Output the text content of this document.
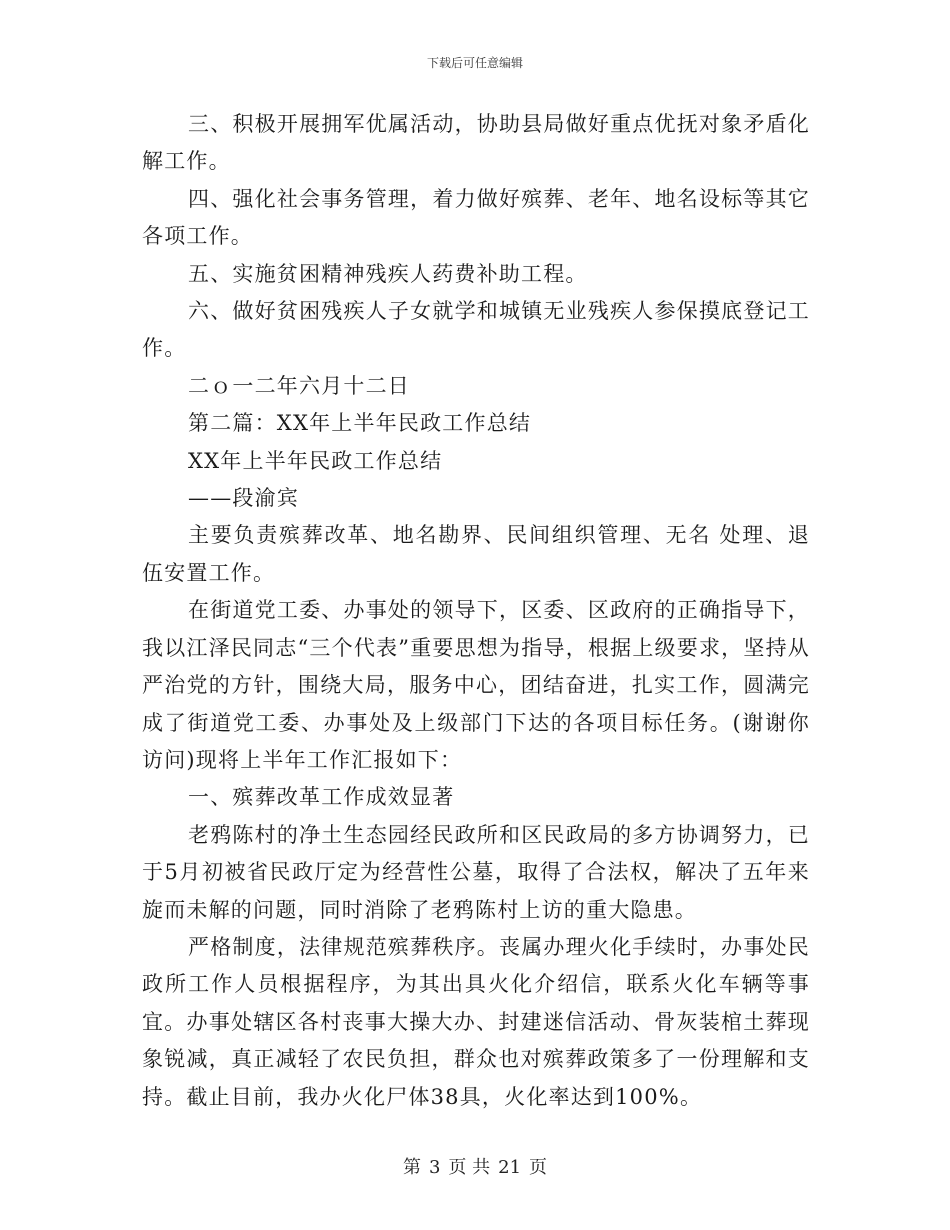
下载后可任意编辑

三、积极开展拥军优属活动，协助县局做好重点优抚对象矛盾化解工作。

四、强化社会事务管理，着力做好殡葬、老年、地名设标等其它各项工作。

五、实施贫困精神残疾人药费补助工程。

六、做好贫困残疾人子女就学和城镇无业残疾人参保摸底登记工作。

二ｏ一二年六月十二日

第二篇：XX年上半年民政工作总结

XX年上半年民政工作总结

——段渝宾

主要负责殡葬改革、地名勘界、民间组织管理、无名 处理、退伍安置工作。

在街道党工委、办事处的领导下，区委、区政府的正确指导下，我以江泽民同志“三个代表”重要思想为指导，根据上级要求，坚持从严治党的方针，围绕大局，服务中心，团结奋进，扎实工作，圆满完成了街道党工委、办事处及上级部门下达的各项目标任务。(谢谢你访问)现将上半年工作汇报如下：

一、殡葬改革工作成效显著

老鸦陈村的净土生态园经民政所和区民政局的多方协调努力，已于5月初被省民政厅定为经营性公墓，取得了合法权，解决了五年来旋而未解的问题，同时消除了老鸦陈村上访的重大隐患。

严格制度，法律规范殡葬秩序。丧属办理火化手续时，办事处民政所工作人员根据程序，为其出具火化介绍信，联系火化车辆等事宜。办事处辖区各村丧事大操大办、封建迷信活动、骨灰装棺土葬现象锐减，真正减轻了农民负担，群众也对殡葬政策多了一份理解和支持。截止目前，我办火化尸体38具，火化率达到100%。

第 3 页 共 21 页
